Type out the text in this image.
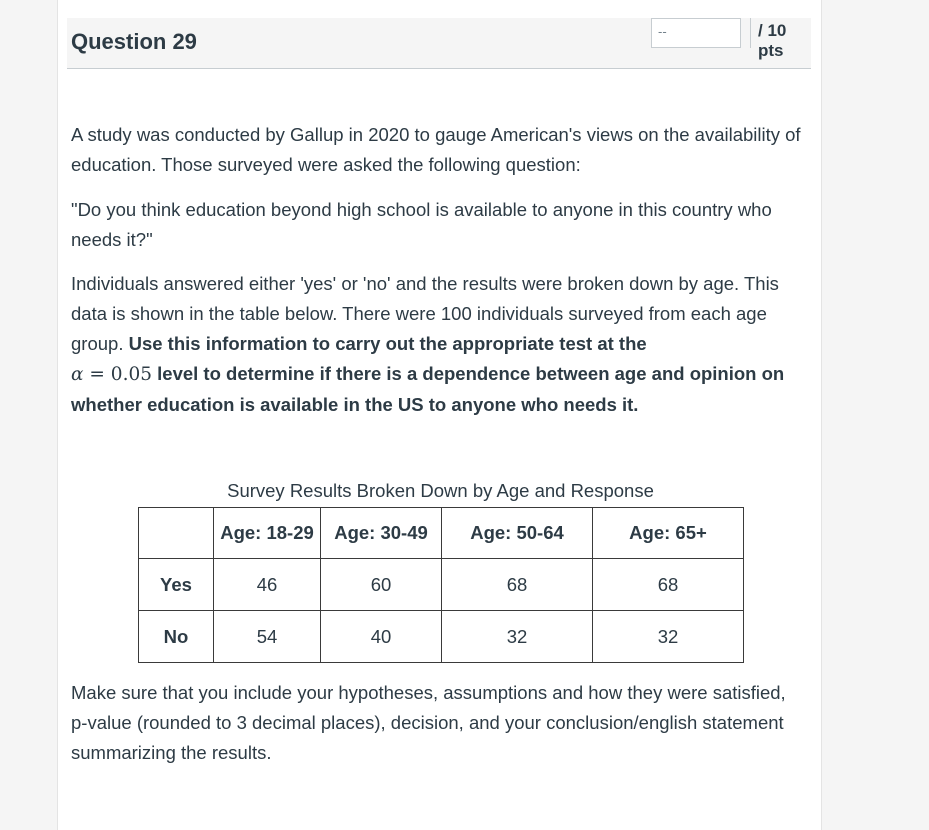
Question 29	--	/ 10 pts
A study was conducted by Gallup in 2020 to gauge American's views on the availability of education. Those surveyed were asked the following question:
"Do you think education beyond high school is available to anyone in this country who needs it?"
Individuals answered either 'yes' or 'no' and the results were broken down by age. This data is shown in the table below. There were 100 individuals surveyed from each age group. Use this information to carry out the appropriate test at the
α = 0.05 level to determine if there is a dependence between age and opinion on whether education is available in the US to anyone who needs it.
Survey Results Broken Down by Age and Response
	Age: 18-29	Age: 30-49	Age: 50-64	Age: 65+
Yes	46	60	68	68
No	54	40	32	32
Make sure that you include your hypotheses, assumptions and how they were satisfied, p-value (rounded to 3 decimal places), decision, and your conclusion/english statement summarizing the results.
